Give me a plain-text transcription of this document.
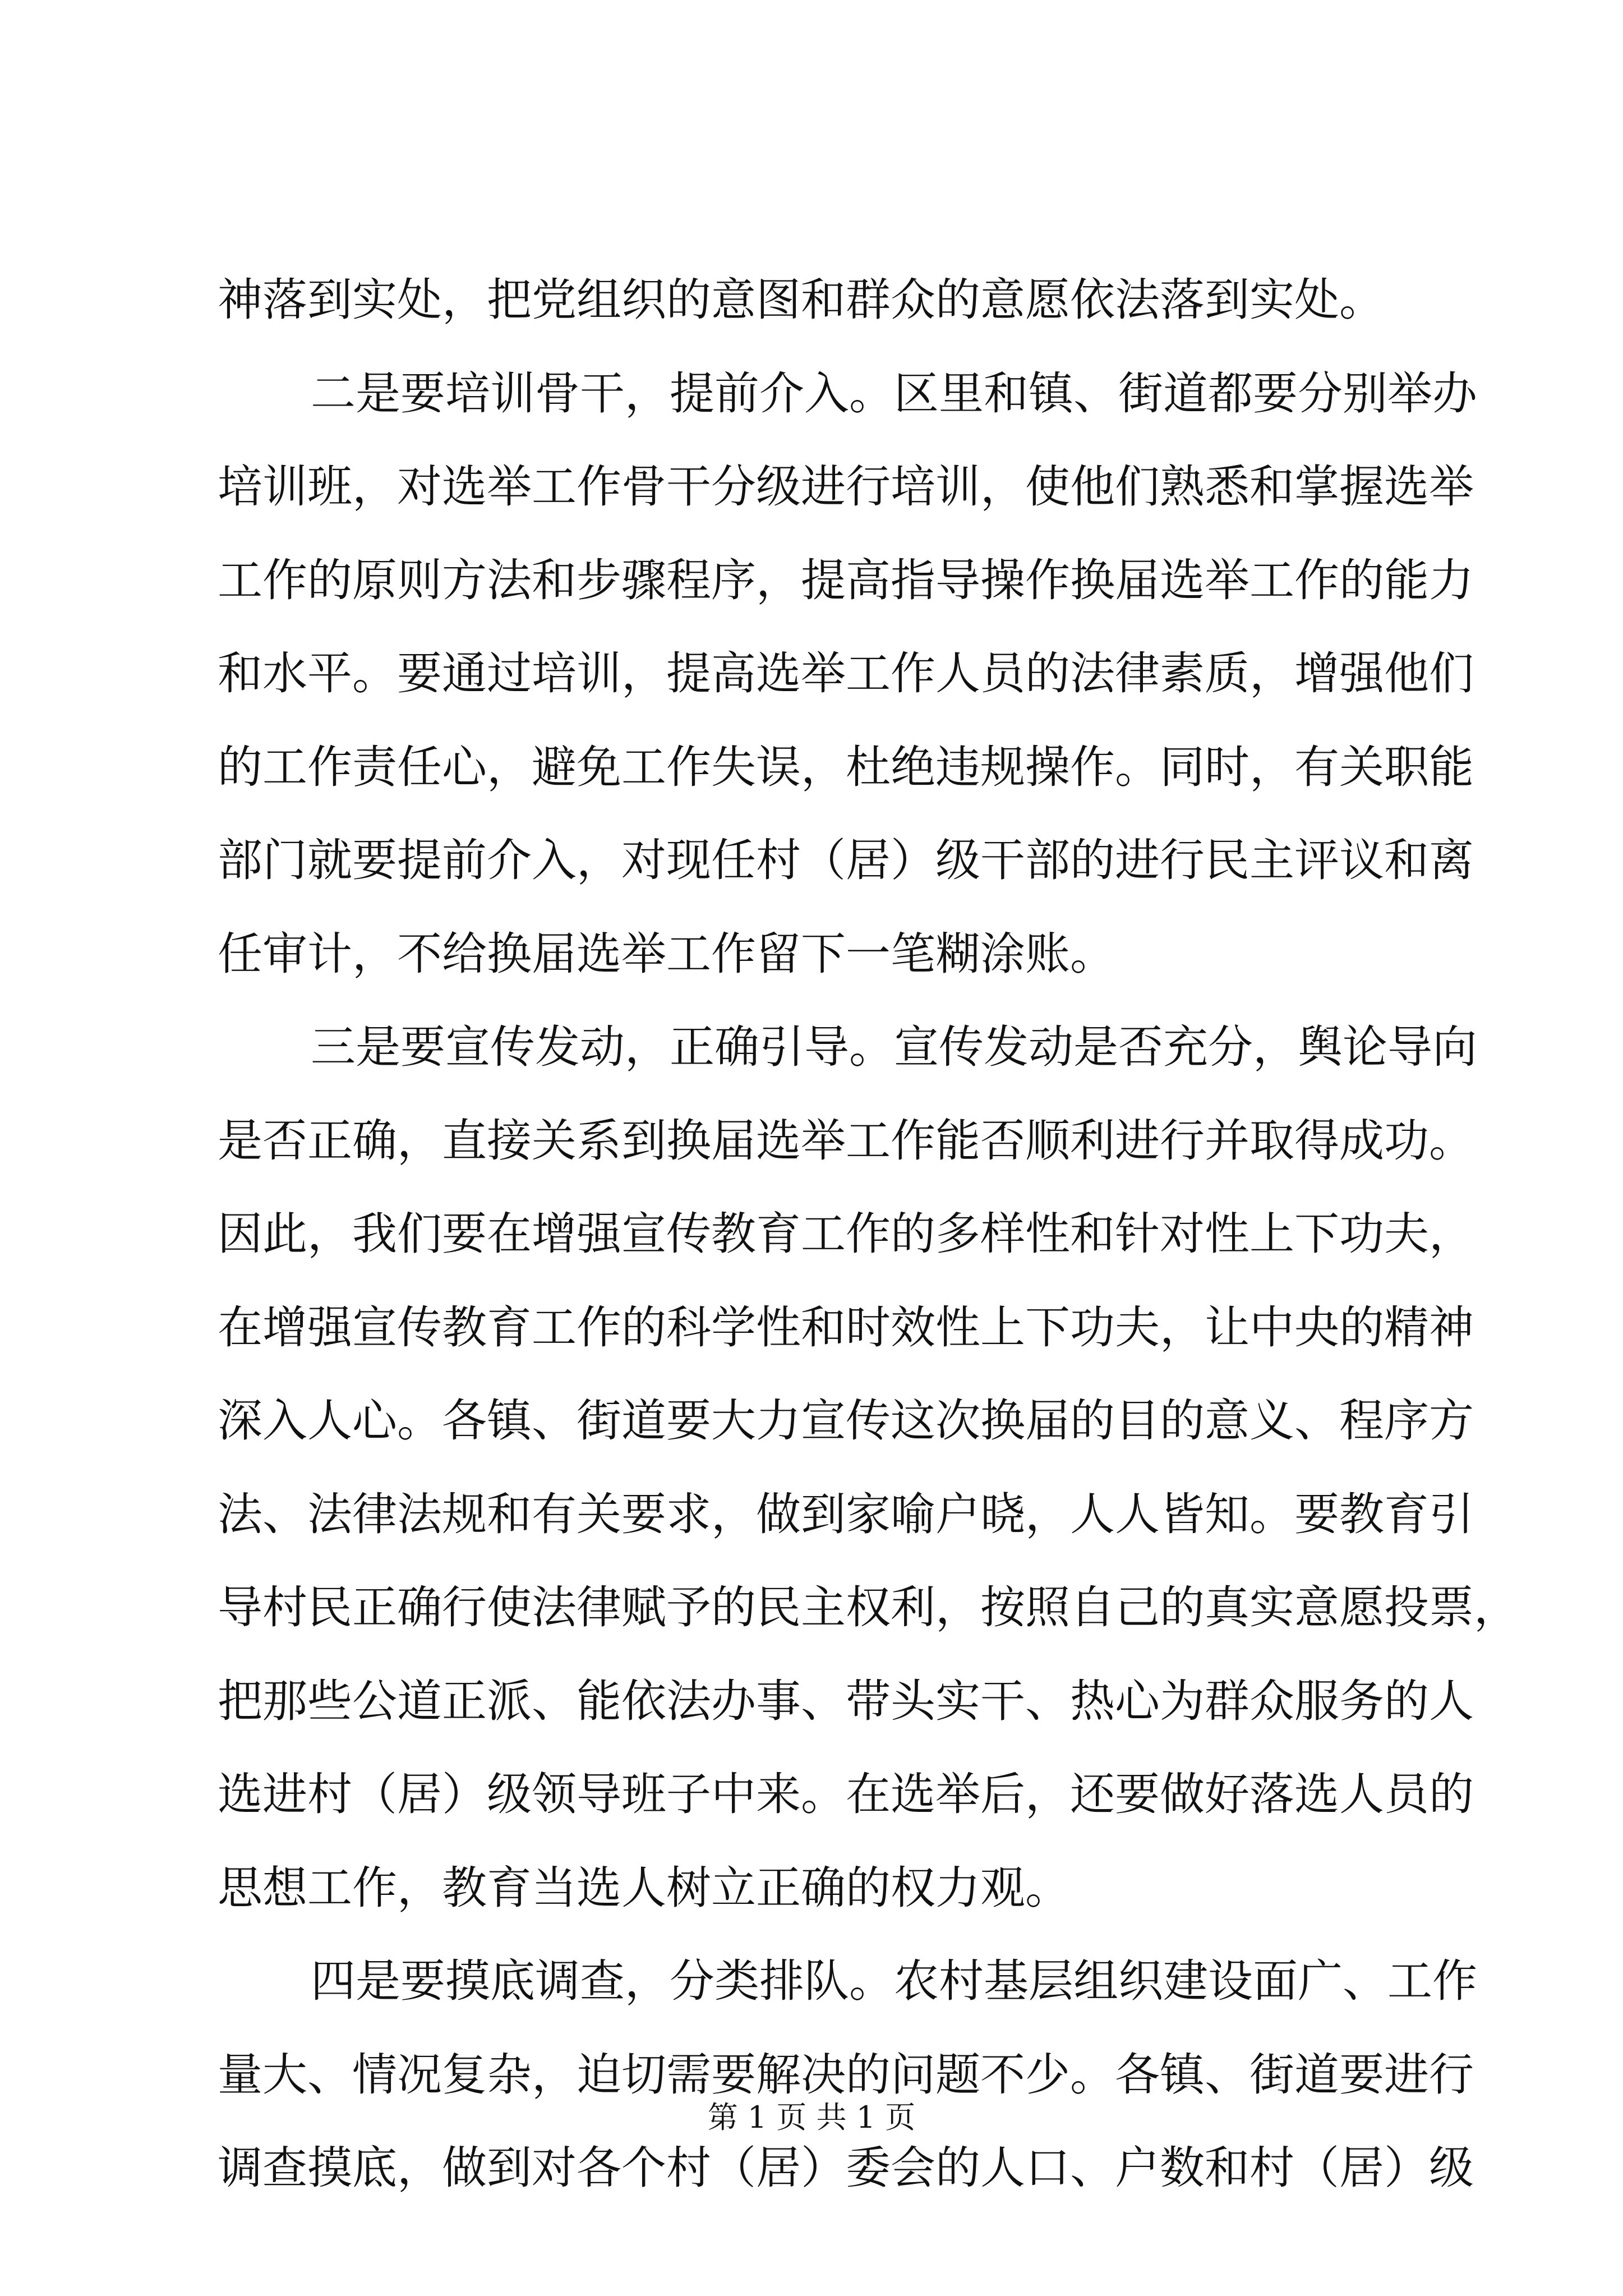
神落到实处，把党组织的意图和群众的意愿依法落到实处。
二是要培训骨干，提前介入。区里和镇、街道都要分别举办
培训班，对选举工作骨干分级进行培训，使他们熟悉和掌握选举
工作的原则方法和步骤程序，提高指导操作换届选举工作的能力
和水平。要通过培训，提高选举工作人员的法律素质，增强他们
的工作责任心，避免工作失误，杜绝违规操作。同时，有关职能
部门就要提前介入，对现任村（居）级干部的进行民主评议和离
任审计，不给换届选举工作留下一笔糊涂账。
三是要宣传发动，正确引导。宣传发动是否充分，舆论导向
是否正确，直接关系到换届选举工作能否顺利进行并取得成功。
因此，我们要在增强宣传教育工作的多样性和针对性上下功夫，
在增强宣传教育工作的科学性和时效性上下功夫，让中央的精神
深入人心。各镇、街道要大力宣传这次换届的目的意义、程序方
法、法律法规和有关要求，做到家喻户晓，人人皆知。要教育引
导村民正确行使法律赋予的民主权利，按照自己的真实意愿投票，
把那些公道正派、能依法办事、带头实干、热心为群众服务的人
选进村（居）级领导班子中来。在选举后，还要做好落选人员的
思想工作，教育当选人树立正确的权力观。
四是要摸底调查，分类排队。农村基层组织建设面广、工作
量大、情况复杂，迫切需要解决的问题不少。各镇、街道要进行
调查摸底，做到对各个村（居）委会的人口、户数和村（居）级
第 1 页 共 1 页
